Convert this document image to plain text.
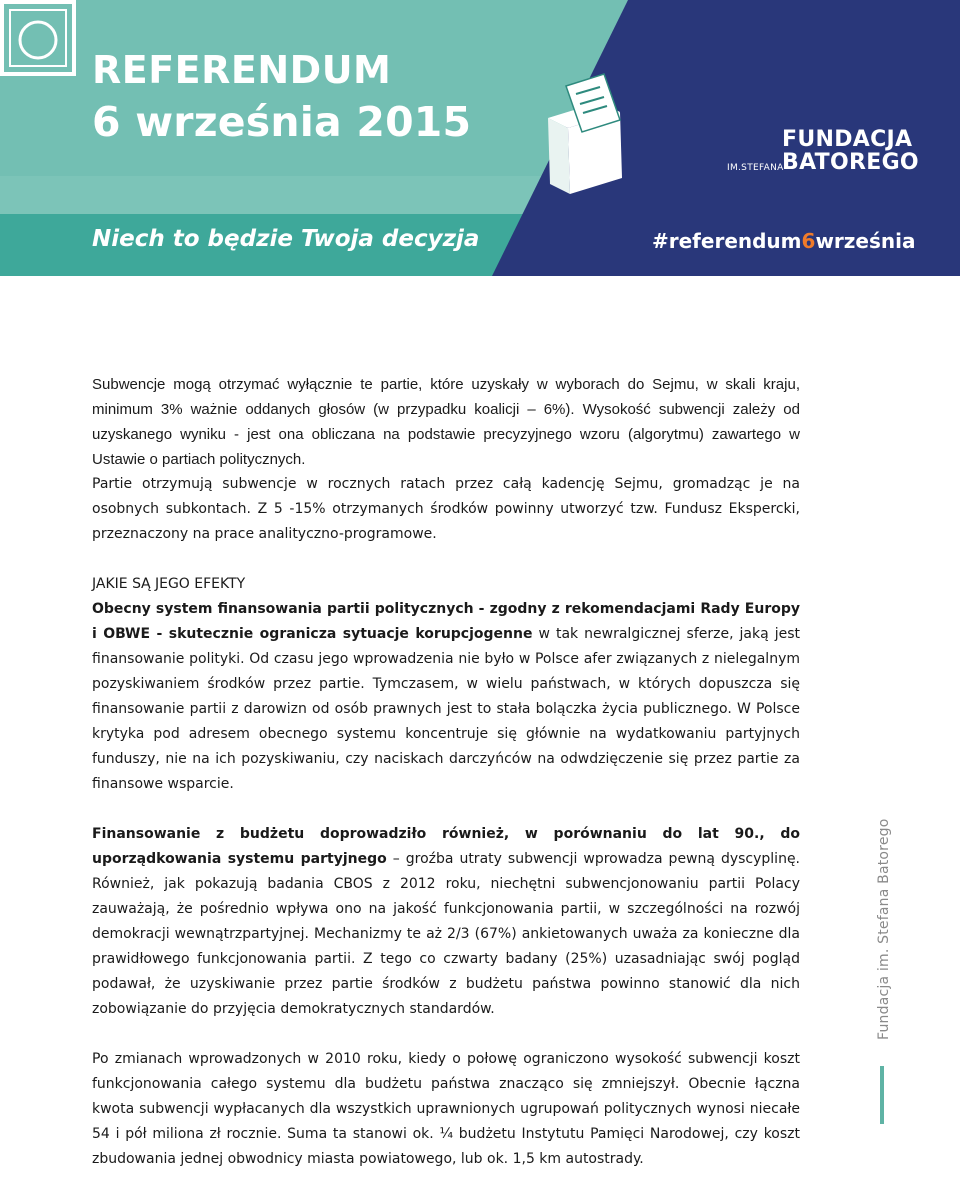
REFERENDUM
6 września 2015
Niech to będzie Twoja decyzja	#referendum6września
FUNDACJA
IM.STEFANA
BATOREGO

Subwencje mogą otrzymać wyłącznie te partie, które uzyskały w wyborach do Sejmu, w skali kraju, minimum 3% ważnie oddanych głosów (w przypadku koalicji – 6%). Wysokość subwencji zależy od uzyskanego wyniku - jest ona obliczana na podstawie precyzyjnego wzoru (algorytmu) zawartego w Ustawie o partiach politycznych.

Partie otrzymują subwencje w rocznych ratach przez całą kadencję Sejmu, gromadząc je na osobnych subkontach. Z 5 -15% otrzymanych środków powinny utworzyć tzw. Fundusz Ekspercki, przeznaczony na prace analityczno-programowe.

JAKIE SĄ JEGO EFEKTY

Obecny system finansowania partii politycznych - zgodny z rekomendacjami Rady Europy i OBWE - skutecznie ogranicza sytuacje korupcjogenne w tak newralgicznej sferze, jaką jest finansowanie polityki. Od czasu jego wprowadzenia nie było w Polsce afer związanych z nielegalnym pozyskiwaniem środków przez partie. Tymczasem, w wielu państwach, w których dopuszcza się finansowanie partii z darowizn od osób prawnych jest to stała bolączka życia publicznego. W Polsce krytyka pod adresem obecnego systemu koncentruje się głównie na wydatkowaniu partyjnych funduszy, nie na ich pozyskiwaniu, czy naciskach darczyńców na odwdzięczenie się przez partie za finansowe wsparcie.

Finansowanie z budżetu doprowadziło również, w porównaniu do lat 90., do uporządkowania systemu partyjnego – groźba utraty subwencji wprowadza pewną dyscyplinę. Również, jak pokazują badania CBOS z 2012 roku, niechętni subwencjonowaniu partii Polacy zauważają, że pośrednio wpływa ono na jakość funkcjonowania partii, w szczególności na rozwój demokracji wewnątrzpartyjnej. Mechanizmy te aż 2/3 (67%) ankietowanych uważa za konieczne dla prawidłowego funkcjonowania partii. Z tego co czwarty badany (25%) uzasadniając swój pogląd podawał, że uzyskiwanie przez partie środków z budżetu państwa powinno stanowić dla nich zobowiązanie do przyjęcia demokratycznych standardów.

Po zmianach wprowadzonych w 2010 roku, kiedy o połowę ograniczono wysokość subwencji koszt funkcjonowania całego systemu dla budżetu państwa znacząco się zmniejszył. Obecnie łączna kwota subwencji wypłacanych dla wszystkich uprawnionych ugrupowań politycznych wynosi niecałe 54 i pół miliona zł rocznie. Suma ta stanowi ok. ¼ budżetu Instytutu Pamięci Narodowej, czy koszt zbudowania jednej obwodnicy miasta powiatowego, lub ok. 1,5 km autostrady.

Fundacja im. Stefana Batorego
